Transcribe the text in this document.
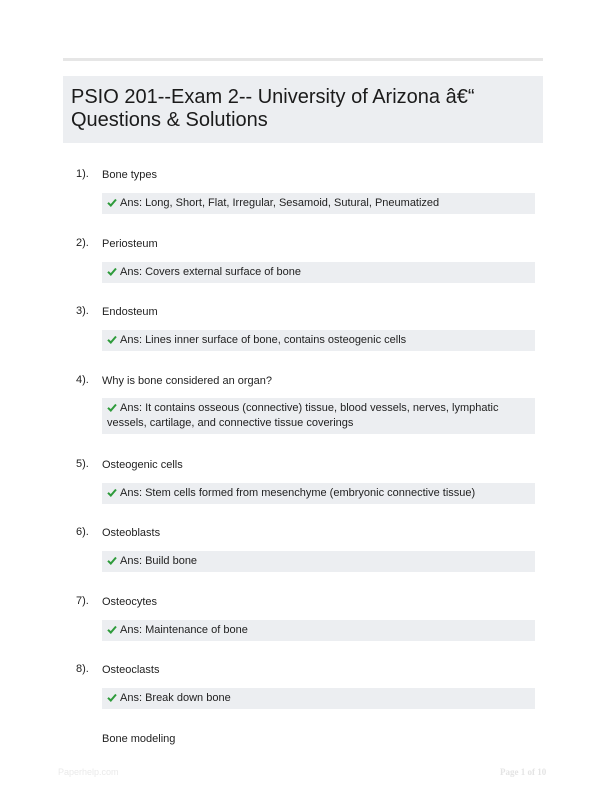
PSIO 201--Exam 2-- University of Arizona â€“
Questions & Solutions
1). Bone types
Ans: Long, Short, Flat, Irregular, Sesamoid, Sutural, Pneumatized
2). Periosteum
Ans: Covers external surface of bone
3). Endosteum
Ans: Lines inner surface of bone, contains osteogenic cells
4). Why is bone considered an organ?
Ans: It contains osseous (connective) tissue, blood vessels, nerves, lymphatic vessels, cartilage, and connective tissue coverings
5). Osteogenic cells
Ans: Stem cells formed from mesenchyme (embryonic connective tissue)
6). Osteoblasts
Ans: Build bone
7). Osteocytes
Ans: Maintenance of bone
8). Osteoclasts
Ans: Break down bone
Bone modeling
Paperhelp.com	Page 1 of 10
